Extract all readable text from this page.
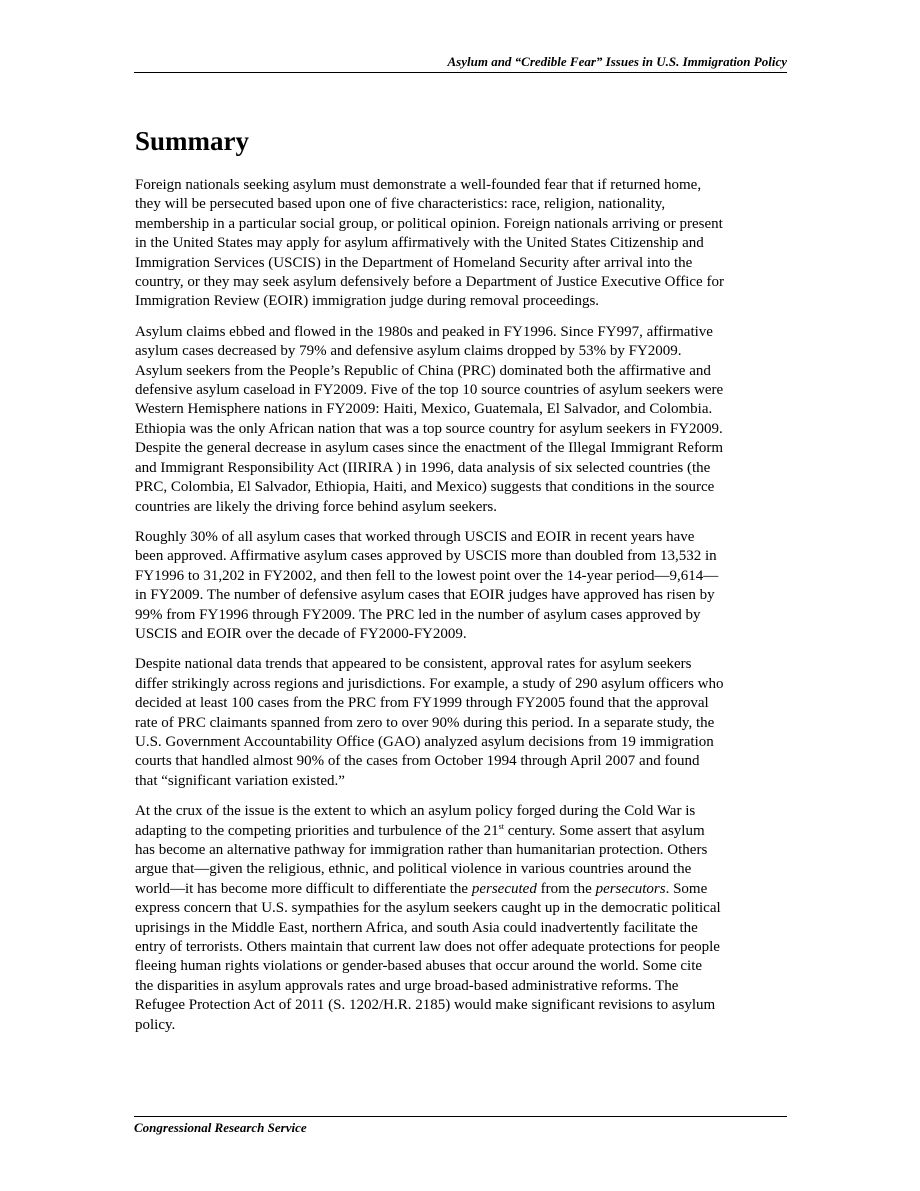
Asylum and “Credible Fear” Issues in U.S. Immigration Policy
Summary

Foreign nationals seeking asylum must demonstrate a well-founded fear that if returned home,
they will be persecuted based upon one of five characteristics: race, religion, nationality,
membership in a particular social group, or political opinion. Foreign nationals arriving or present
in the United States may apply for asylum affirmatively with the United States Citizenship and
Immigration Services (USCIS) in the Department of Homeland Security after arrival into the
country, or they may seek asylum defensively before a Department of Justice Executive Office for
Immigration Review (EOIR) immigration judge during removal proceedings.

Asylum claims ebbed and flowed in the 1980s and peaked in FY1996. Since FY997, affirmative
asylum cases decreased by 79% and defensive asylum claims dropped by 53% by FY2009.
Asylum seekers from the People’s Republic of China (PRC) dominated both the affirmative and
defensive asylum caseload in FY2009. Five of the top 10 source countries of asylum seekers were
Western Hemisphere nations in FY2009: Haiti, Mexico, Guatemala, El Salvador, and Colombia.
Ethiopia was the only African nation that was a top source country for asylum seekers in FY2009.
Despite the general decrease in asylum cases since the enactment of the Illegal Immigrant Reform
and Immigrant Responsibility Act (IIRIRA ) in 1996, data analysis of six selected countries (the
PRC, Colombia, El Salvador, Ethiopia, Haiti, and Mexico) suggests that conditions in the source
countries are likely the driving force behind asylum seekers.

Roughly 30% of all asylum cases that worked through USCIS and EOIR in recent years have
been approved. Affirmative asylum cases approved by USCIS more than doubled from 13,532 in
FY1996 to 31,202 in FY2002, and then fell to the lowest point over the 14-year period—9,614—
in FY2009. The number of defensive asylum cases that EOIR judges have approved has risen by
99% from FY1996 through FY2009. The PRC led in the number of asylum cases approved by
USCIS and EOIR over the decade of FY2000-FY2009.

Despite national data trends that appeared to be consistent, approval rates for asylum seekers
differ strikingly across regions and jurisdictions. For example, a study of 290 asylum officers who
decided at least 100 cases from the PRC from FY1999 through FY2005 found that the approval
rate of PRC claimants spanned from zero to over 90% during this period. In a separate study, the
U.S. Government Accountability Office (GAO) analyzed asylum decisions from 19 immigration
courts that handled almost 90% of the cases from October 1994 through April 2007 and found
that “significant variation existed.”

At the crux of the issue is the extent to which an asylum policy forged during the Cold War is
adapting to the competing priorities and turbulence of the 21st century. Some assert that asylum
has become an alternative pathway for immigration rather than humanitarian protection. Others
argue that—given the religious, ethnic, and political violence in various countries around the
world—it has become more difficult to differentiate the persecuted from the persecutors. Some
express concern that U.S. sympathies for the asylum seekers caught up in the democratic political
uprisings in the Middle East, northern Africa, and south Asia could inadvertently facilitate the
entry of terrorists. Others maintain that current law does not offer adequate protections for people
fleeing human rights violations or gender-based abuses that occur around the world. Some cite
the disparities in asylum approvals rates and urge broad-based administrative reforms. The
Refugee Protection Act of 2011 (S. 1202/H.R. 2185) would make significant revisions to asylum
policy.

Congressional Research Service
